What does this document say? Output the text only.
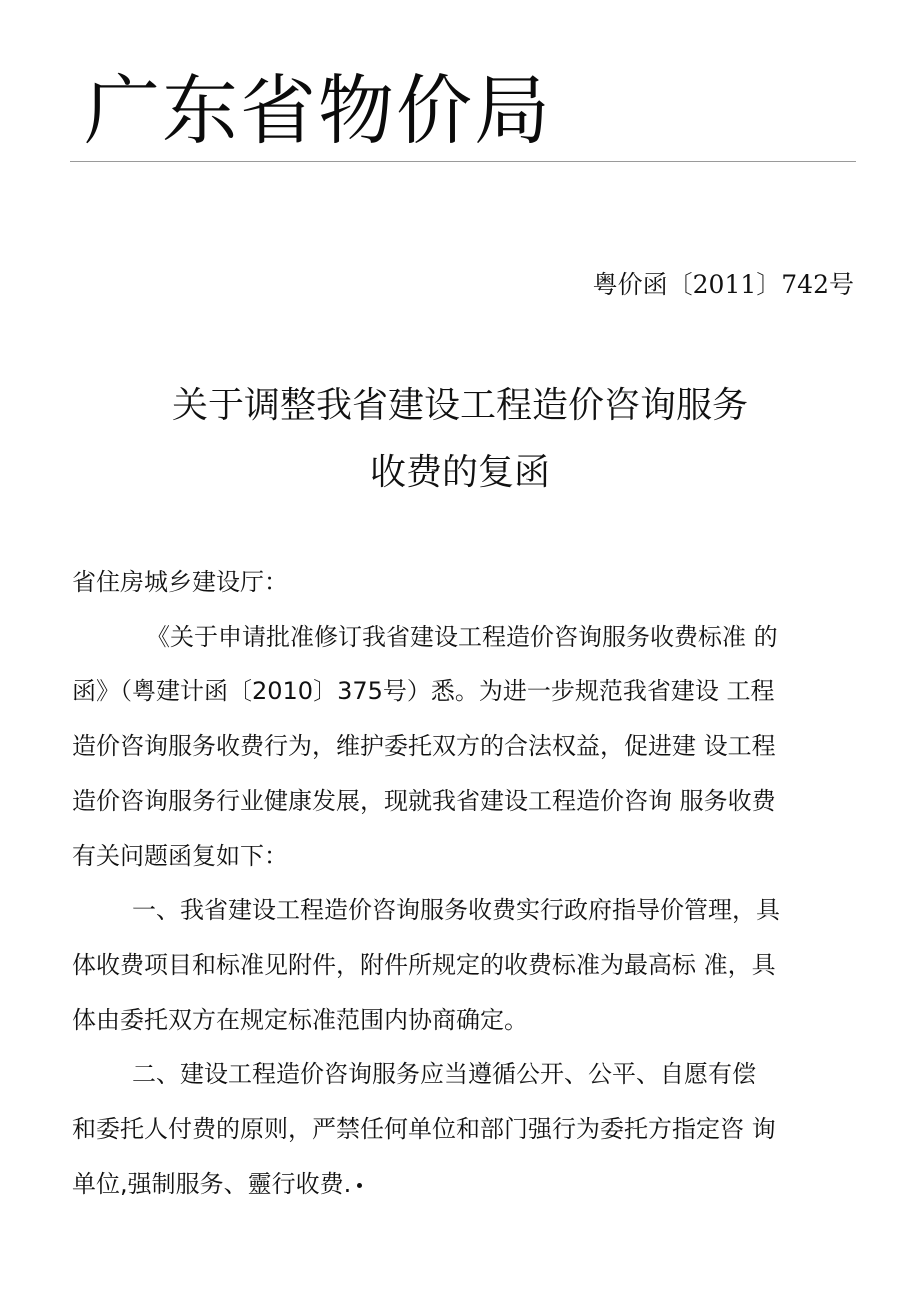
广东省物价局
粤价函〔2011〕742号
关于调整我省建设工程造价咨询服务
收费的复函
省住房城乡建设厅：
《关于申请批准修订我省建设工程造价咨询服务收费标准 的
函》（粤建计函〔2010〕375号）悉。为进一步规范我省建设 工程
造价咨询服务收费行为，维护委托双方的合法权益，促进建 设工程
造价咨询服务行业健康发展，现就我省建设工程造价咨询 服务收费
有关问题函复如下：
一、我省建设工程造价咨询服务收费实行政府指导价管理，具
体收费项目和标准见附件，附件所规定的收费标准为最高标 准，具
体由委托双方在规定标准范围内协商确定。
二、建设工程造价咨询服务应当遵循公开、公平、自愿有偿
和委托人付费的原则，严禁任何单位和部门强行为委托方指定咨 询
单位,强制服务、靈行收费.
